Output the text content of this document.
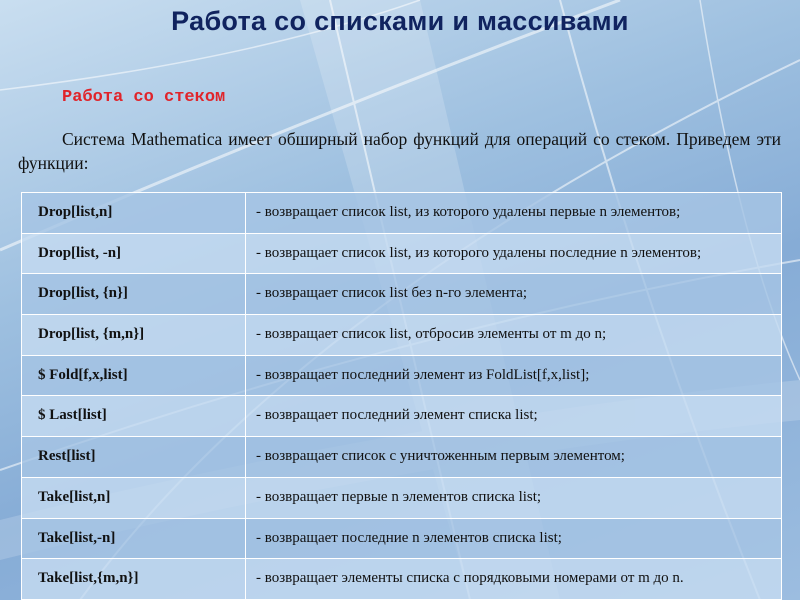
Работа со списками и массивами
Работа со стеком
Система Mathematica имеет обширный набор функций для операций со стеком. Приведем эти функции:
Drop[list,n]	- возвращает список list, из которого удалены первые n элементов;

Drop[list, -n]	- возвращает список list, из которого удалены последние n элементов;

Drop[list, {n}]	- возвращает список list без n-го элемента;

Drop[list, {m,n}]	- возвращает список list, отбросив элементы от m до n;

$ Fold[f,x,list]	- возвращает последний элемент из FoldList[f,x,list];

$ Last[list]	- возвращает последний элемент списка list;

Rest[list]	- возвращает список с уничтоженным первым элементом;

Take[list,n]	- возвращает первые n элементов списка list;

Take[list,-n]	- возвращает последние n элементов списка list;

Take[list,{m,n}]	- возвращает элементы списка с порядковыми номерами от m до n.
